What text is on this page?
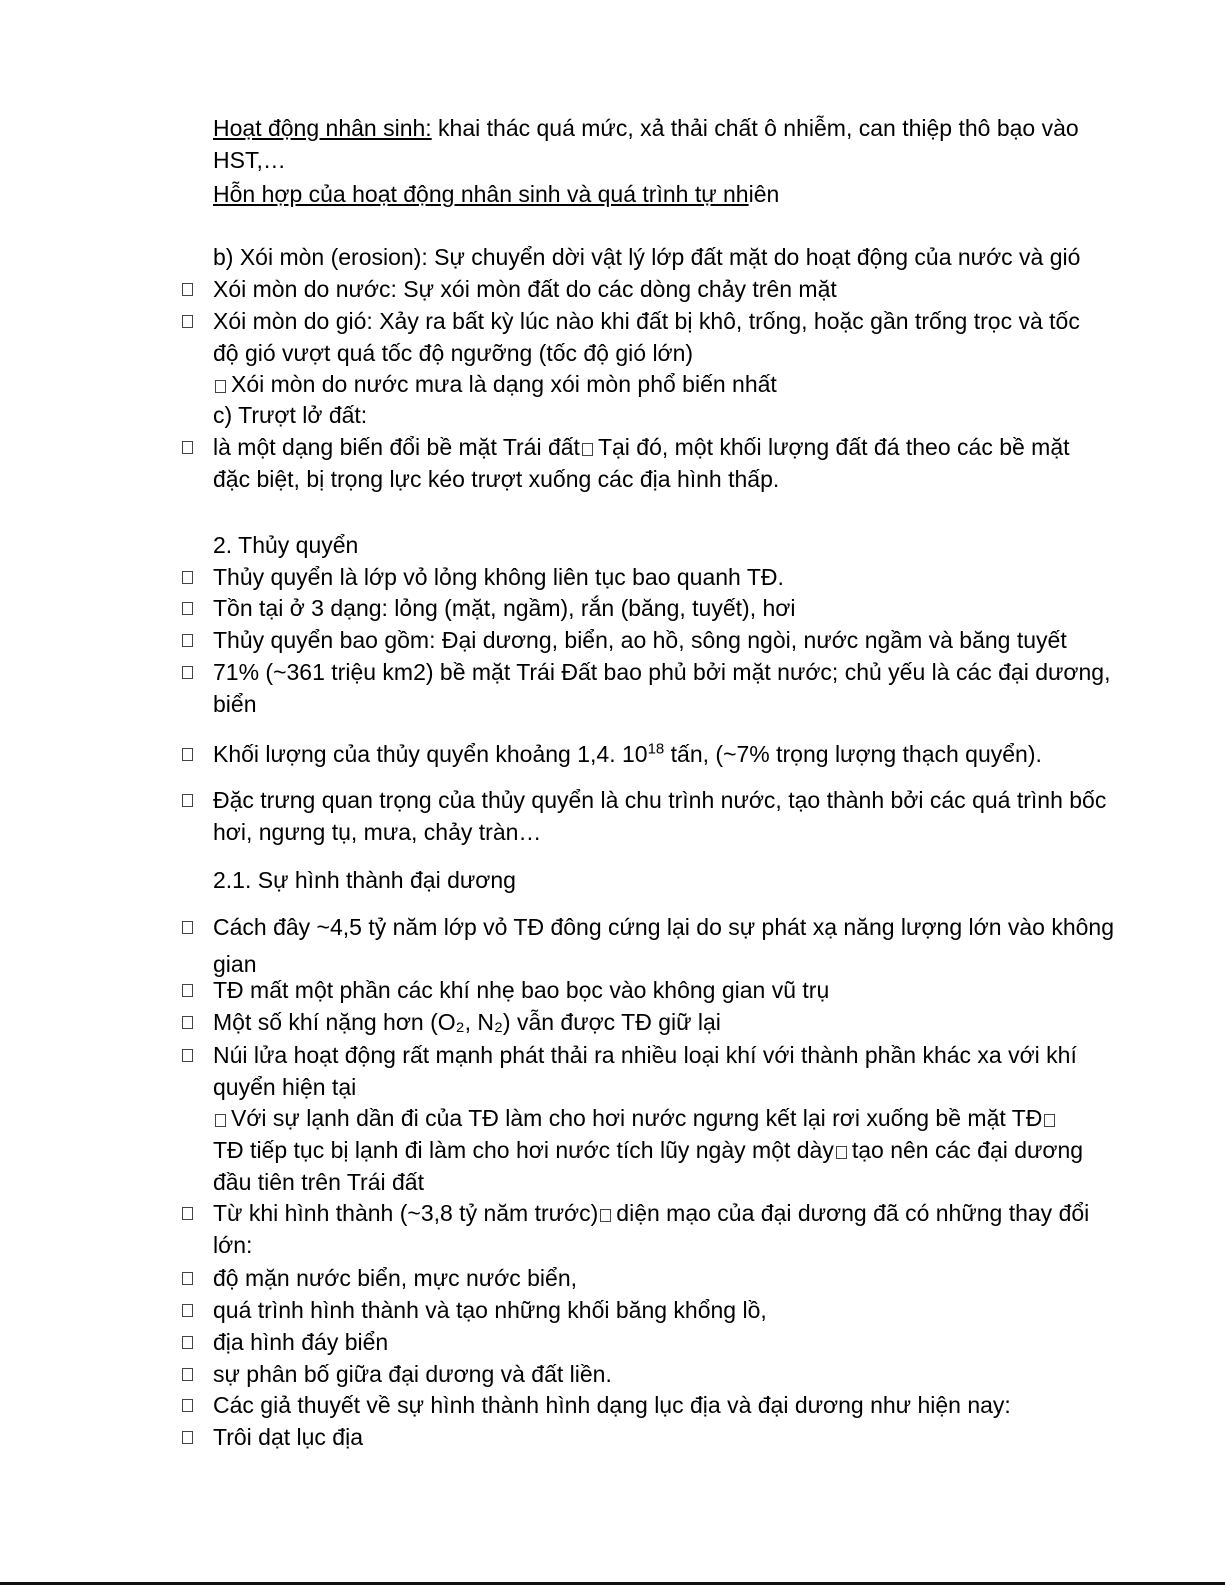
Hoạt động nhân sinh: khai thác quá mức, xả thải chất ô nhiễm, can thiệp thô bạo vào
HST,…
Hỗn hợp của hoạt động nhân sinh và quá trình tự nhiên
b) Xói mòn (erosion): Sự chuyển dời vật lý lớp đất mặt do hoạt động của nước và gió
Xói mòn do nước: Sự xói mòn đất do các dòng chảy trên mặt
Xói mòn do gió: Xảy ra bất kỳ lúc nào khi đất bị khô, trống, hoặc gần trống trọc và tốc
độ gió vượt quá tốc độ ngưỡng (tốc độ gió lớn)
Xói mòn do nước mưa là dạng xói mòn phổ biến nhất
c) Trượt lở đất:
là một dạng biến đổi bề mặt Trái đất Tại đó, một khối lượng đất đá theo các bề mặt
đặc biệt, bị trọng lực kéo trượt xuống các địa hình thấp.
2. Thủy quyển
Thủy quyển là lớp vỏ lỏng không liên tục bao quanh TĐ.
Tồn tại ở 3 dạng: lỏng (mặt, ngầm), rắn (băng, tuyết), hơi
Thủy quyển bao gồm: Đại dương, biển, ao hồ, sông ngòi, nước ngầm và băng tuyết
71% (~361 triệu km2) bề mặt Trái Đất bao phủ bởi mặt nước; chủ yếu là các đại dương,
biển
Khối lượng của thủy quyển khoảng 1,4. $10^{18}$ tấn, (~7% trọng lượng thạch quyển).
Đặc trưng quan trọng của thủy quyển là chu trình nước, tạo thành bởi các quá trình bốc
hơi, ngưng tụ, mưa, chảy tràn…
2.1. Sự hình thành đại dương
Cách đây ~4,5 tỷ năm lớp vỏ TĐ đông cứng lại do sự phát xạ năng lượng lớn vào không
gian
TĐ mất một phần các khí nhẹ bao bọc vào không gian vũ trụ
Một số khí nặng hơn (O₂, N₂) vẫn được TĐ giữ lại
Núi lửa hoạt động rất mạnh phát thải ra nhiều loại khí với thành phần khác xa với khí
quyển hiện tại
Với sự lạnh dần đi của TĐ làm cho hơi nước ngưng kết lại rơi xuống bề mặt TĐ
TĐ tiếp tục bị lạnh đi làm cho hơi nước tích lũy ngày một dày tạo nên các đại dương
đầu tiên trên Trái đất
Từ khi hình thành (~3,8 tỷ năm trước) diện mạo của đại dương đã có những thay đổi
lớn:
độ mặn nước biển, mực nước biển,
quá trình hình thành và tạo những khối băng khổng lồ,
địa hình đáy biển
sự phân bố giữa đại dương và đất liền.
Các giả thuyết về sự hình thành hình dạng lục địa và đại dương như hiện nay:
Trôi dạt lục địa
